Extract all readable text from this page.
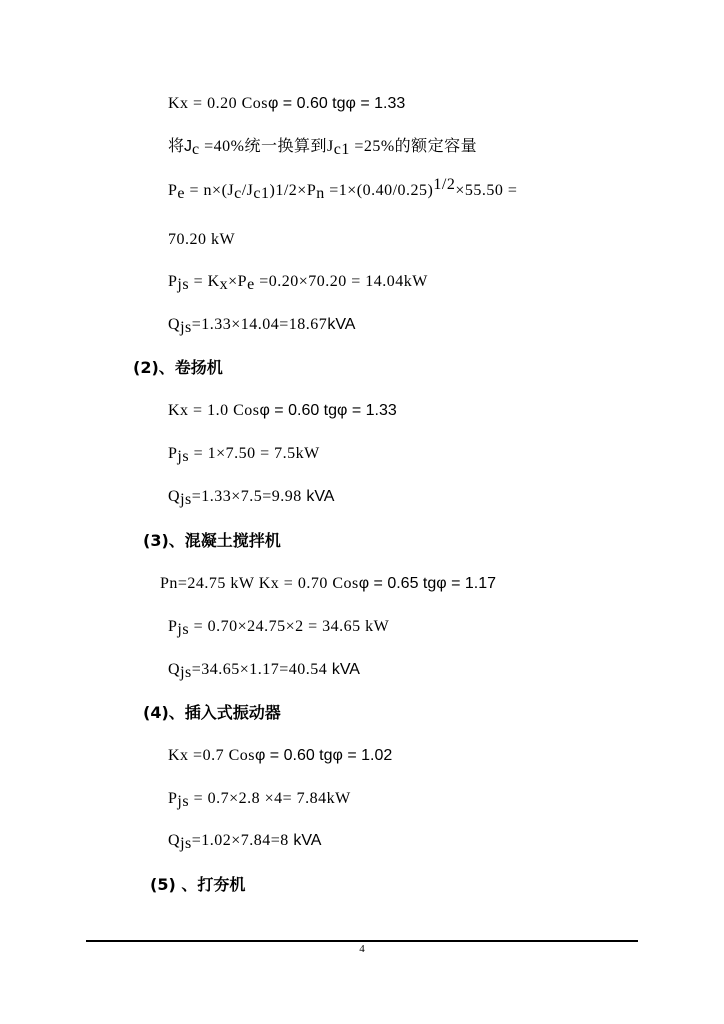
Kx = 0.20 Cosφ = 0.60 tgφ = 1.33
将$J_c =40\%$统一换算到$J_{c1} =25\%$的额定容量
$P_e = n\times(J_c/J_{c1})1/2\times P_n =1\times(0.40/0.25)^{1/2}\times 55.50$ =
70.20 kW
$P_{js} = K_x\times P_e =0.20\times 70.20 = 14.04kW$
$Q_{js}=1.33\times 14.04=18.67kVA$
(2)、卷扬机
Kx = 1.0 Cosφ = 0.60 tgφ = 1.33
$P_{js} = 1\times 7.50 = 7.5kW$
$Q_{js}=1.33\times 7.5=9.98$ kVA
(3)、混凝土搅拌机
Pn=24.75 kW Kx = 0.70 Cosφ = 0.65 tgφ = 1.17
$P_{js} = 0.70\times 24.75\times 2 = 34.65$ kW
$Q_{js}=34.65\times 1.17=40.54$ kVA
(4)、插入式振动器
Kx =0.7 Cosφ = 0.60 tgφ = 1.02
$P_{js} = 0.7\times 2.8 \times 4= 7.84kW$
$Q_{js}=1.02\times 7.84=8$ kVA
(5) 、打夯机
4
